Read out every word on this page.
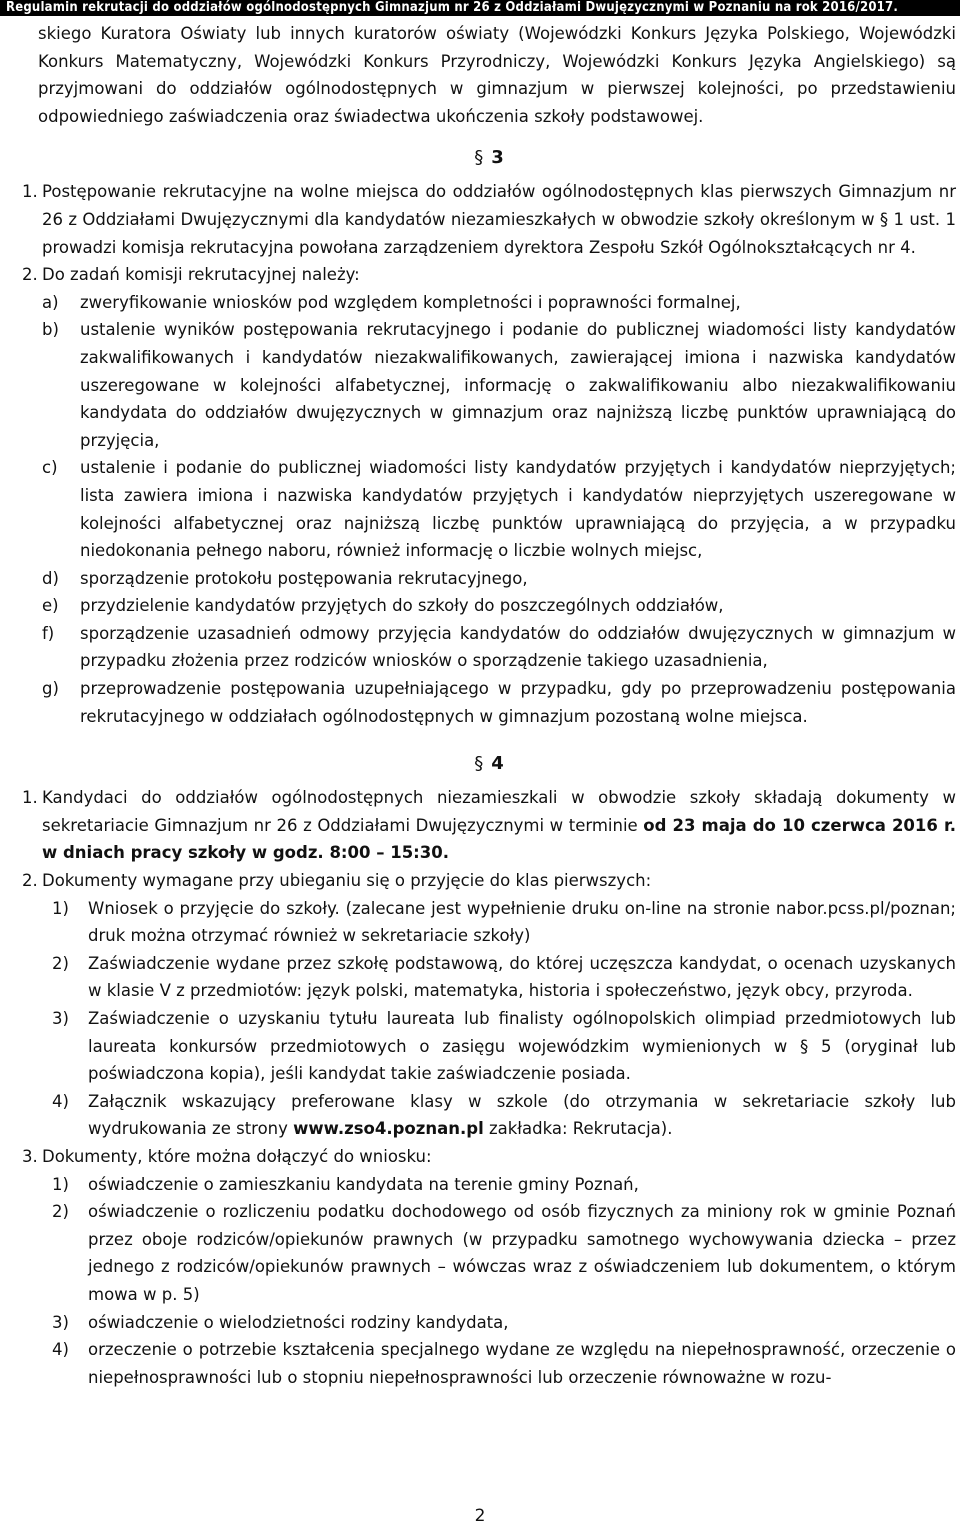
Regulamin rekrutacji do oddziałów ogólnodostępnych Gimnazjum nr 26 z Oddziałami Dwujęzycznymi w Poznaniu na rok 2016/2017.

skiego Kuratora Oświaty lub innych kuratorów oświaty (Wojewódzki Konkurs Języka Polskiego, Wojewódzki Konkurs Matematyczny, Wojewódzki Konkurs Przyrodniczy, Wojewódzki Konkurs Języka Angielskiego) są przyjmowani do oddziałów ogólnodostępnych w gimnazjum w pierwszej kolejności, po przedstawieniu odpowiedniego zaświadczenia oraz świadectwa ukończenia szkoły podstawowej.

§ 3
1. Postępowanie rekrutacyjne na wolne miejsca do oddziałów ogólnodostępnych klas pierwszych Gimnazjum nr 26 z Oddziałami Dwujęzycznymi dla kandydatów niezamieszkałych w obwodzie szkoły określonym w § 1 ust. 1 prowadzi komisja rekrutacyjna powołana zarządzeniem dyrektora Zespołu Szkół Ogólnokształcących nr 4.
2. Do zadań komisji rekrutacyjnej należy:
a)	zweryfikowanie wniosków pod względem kompletności i poprawności formalnej,
b)	ustalenie wyników postępowania rekrutacyjnego i podanie do publicznej wiadomości listy kandydatów zakwalifikowanych i kandydatów niezakwalifikowanych, zawierającej imiona i nazwiska kandydatów uszeregowane w kolejności alfabetycznej, informację o zakwalifikowaniu albo niezakwalifikowaniu kandydata do oddziałów dwujęzycznych w gimnazjum oraz najniższą liczbę punktów uprawniającą do przyjęcia,
c)	ustalenie i podanie do publicznej wiadomości listy kandydatów przyjętych i kandydatów nieprzyjętych; lista zawiera imiona i nazwiska kandydatów przyjętych i kandydatów nieprzyjętych uszeregowane w kolejności alfabetycznej oraz najniższą liczbę punktów uprawniającą do przyjęcia, a w przypadku niedokonania pełnego naboru, również informację o liczbie wolnych miejsc,
d)	sporządzenie protokołu postępowania rekrutacyjnego,
e)	przydzielenie kandydatów przyjętych do szkoły do poszczególnych oddziałów,
f)	sporządzenie uzasadnień odmowy przyjęcia kandydatów do oddziałów dwujęzycznych w gimnazjum w przypadku złożenia przez rodziców wniosków o sporządzenie takiego uzasadnienia,
g)	przeprowadzenie postępowania uzupełniającego w przypadku, gdy po przeprowadzeniu postępowania rekrutacyjnego w oddziałach ogólnodostępnych w gimnazjum pozostaną wolne miejsca.
§ 4
1. Kandydaci do oddziałów ogólnodostępnych niezamieszkali w obwodzie szkoły składają dokumenty w sekretariacie Gimnazjum nr 26 z Oddziałami Dwujęzycznymi w terminie od 23 maja do 10 czerwca 2016 r. w dniach pracy szkoły w godz. 8:00 – 15:30.
2. Dokumenty wymagane przy ubieganiu się o przyjęcie do klas pierwszych:
1)	Wniosek o przyjęcie do szkoły. (zalecane jest wypełnienie druku on-line na stronie nabor.pcss.pl/poznan; druk można otrzymać również w sekretariacie szkoły)
2)	Zaświadczenie wydane przez szkołę podstawową, do której uczęszcza kandydat, o ocenach uzyskanych w klasie V z przedmiotów: język polski, matematyka, historia i społeczeństwo, język obcy, przyroda.
3)	Zaświadczenie o uzyskaniu tytułu laureata lub finalisty ogólnopolskich olimpiad przedmiotowych lub laureata konkursów przedmiotowych o zasięgu wojewódzkim wymienionych w § 5 (oryginał lub poświadczona kopia), jeśli kandydat takie zaświadczenie posiada.
4)	Załącznik wskazujący preferowane klasy w szkole (do otrzymania w sekretariacie szkoły lub wydrukowania ze strony www.zso4.poznan.pl zakładka: Rekrutacja).
3. Dokumenty, które można dołączyć do wniosku:
1)	oświadczenie o zamieszkaniu kandydata na terenie gminy Poznań,
2)	oświadczenie o rozliczeniu podatku dochodowego od osób fizycznych za miniony rok w gminie Poznań przez oboje rodziców/opiekunów prawnych (w przypadku samotnego wychowywania dziecka – przez jednego z rodziców/opiekunów prawnych – wówczas wraz z oświadczeniem lub dokumentem, o którym mowa w p. 5)
3)	oświadczenie o wielodzietności rodziny kandydata,
4)	orzeczenie o potrzebie kształcenia specjalnego wydane ze względu na niepełnosprawność, orzeczenie o niepełnosprawności lub o stopniu niepełnosprawności lub orzeczenie równoważne w rozu-
2
